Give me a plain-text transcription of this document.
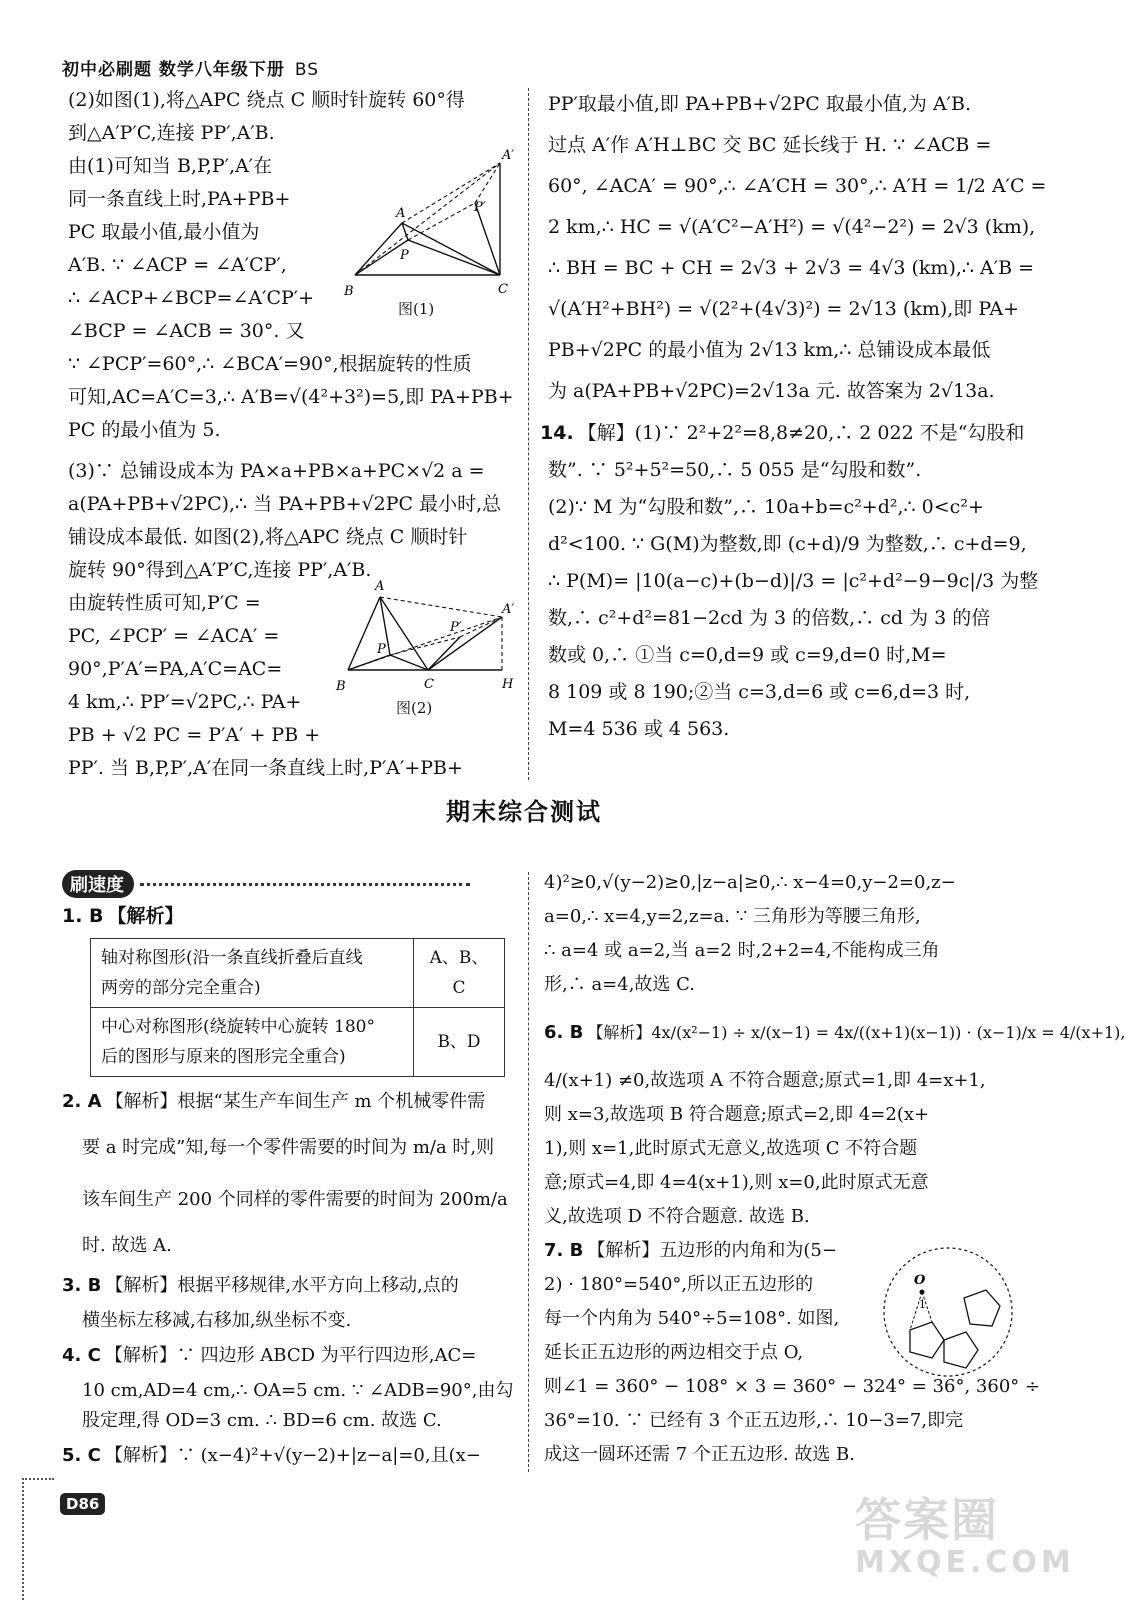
初中必刷题 数学八年级下册 BS

(2)如图(1),将△APC 绕点 C 顺时针旋转 60°得

到△A′P′C,连接 PP′,A′B.

由(1)可知当 B,P,P′,A′在

同一条直线上时,PA+PB+

PC 取最小值,最小值为

A′B. ∵ ∠ACP = ∠A′CP′,

∴ ∠ACP+∠BCP=∠A′CP′+

∠BCP = ∠ACB = 30°. 又

∵ ∠PCP′=60°,∴ ∠BCA′=90°,根据旋转的性质

可知,AC=A′C=3,∴ A′B=√(4²+3²)=5,即 PA+PB+

PC 的最小值为 5.

(3)∵ 总铺设成本为 PA×a+PB×a+PC×√2 a =

a(PA+PB+√2PC),∴ 当 PA+PB+√2PC 最小时,总

铺设成本最低. 如图(2),将△APC 绕点 C 顺时针

旋转 90°得到△A′P′C,连接 PP′,A′B.

由旋转性质可知,P′C =

PC, ∠PCP′ = ∠ACA′ =

90°,P′A′=PA,A′C=AC=

4 km,∴ PP′=√2PC,∴ PA+

PB + √2 PC = P′A′ + PB +

PP′. 当 B,P,P′,A′在同一条直线上时,P′A′+PB+

A′
P′
A
P
B	C
图(1)
A
A′
P′
P
B	C	H
图(2)

PP′取最小值,即 PA+PB+√2PC 取最小值,为 A′B.

过点 A′作 A′H⊥BC 交 BC 延长线于 H. ∵ ∠ACB =

60°, ∠ACA′ = 90°,∴ ∠A′CH = 30°,∴ A′H = 1/2 A′C =

2 km,∴ HC = √(A′C²−A′H²) = √(4²−2²) = 2√3 (km),

∴ BH = BC + CH = 2√3 + 2√3 = 4√3 (km),∴ A′B =

√(A′H²+BH²) = √(2²+(4√3)²) = 2√13 (km),即 PA+

PB+√2PC 的最小值为 2√13 km,∴ 总铺设成本最低

为 a(PA+PB+√2PC)=2√13a 元. 故答案为 2√13a.

14. 【解】(1)∵ 2²+2²=8,8≠20,∴ 2 022 不是“勾股和

数”. ∵ 5²+5²=50,∴ 5 055 是“勾股和数”.

(2)∵ M 为“勾股和数”,∴ 10a+b=c²+d²,∴ 0<c²+

d²<100. ∵ G(M)为整数,即 (c+d)/9 为整数,∴ c+d=9,

∴ P(M)= |10(a−c)+(b−d)|/3 = |c²+d²−9−9c|/3 为整

数,∴ c²+d²=81−2cd 为 3 的倍数,∴ cd 为 3 的倍

数或 0,∴ ①当 c=0,d=9 或 c=9,d=0 时,M=

8 109 或 8 190;②当 c=3,d=6 或 c=6,d=3 时,

M=4 536 或 4 563.

期末综合测试
刷速度

1. B 【解析】

轴对称图形(沿一条直线折叠后直线
两旁的部分完全重合)	A、B、C
中心对称图形(绕旋转中心旋转 180°
后的图形与原来的图形完全重合)	B、D

2. A 【解析】根据“某生产车间生产 m 个机械零件需

要 a 时完成”知,每一个零件需要的时间为 m/a 时,则

该车间生产 200 个同样的零件需要的时间为 200m/a

时. 故选 A.

3. B 【解析】根据平移规律,水平方向上移动,点的

横坐标左移减,右移加,纵坐标不变.

4. C 【解析】∵ 四边形 ABCD 为平行四边形,AC=

10 cm,AD=4 cm,∴ OA=5 cm. ∵ ∠ADB=90°,由勾

股定理,得 OD=3 cm. ∴ BD=6 cm. 故选 C.

5. C 【解析】∵ (x−4)²+√(y−2)+|z−a|=0,且(x−

4)²≥0,√(y−2)≥0,|z−a|≥0,∴ x−4=0,y−2=0,z−

a=0,∴ x=4,y=2,z=a. ∵ 三角形为等腰三角形,

∴ a=4 或 a=2,当 a=2 时,2+2=4,不能构成三角

形,∴ a=4,故选 C.

6. B 【解析】4x/(x²−1) ÷ x/(x−1) = 4x/((x+1)(x−1)) · (x−1)/x = 4/(x+1),

4/(x+1) ≠0,故选项 A 不符合题意;原式=1,即 4=x+1,

则 x=3,故选项 B 符合题意;原式=2,即 4=2(x+

1),则 x=1,此时原式无意义,故选项 C 不符合题

意;原式=4,即 4=4(x+1),则 x=0,此时原式无意

义,故选项 D 不符合题意. 故选 B.

7. B 【解析】五边形的内角和为(5−

2) · 180°=540°,所以正五边形的

每一个内角为 540°÷5=108°. 如图,

延长正五边形的两边相交于点 O,

则∠1 = 360° − 108° × 3 = 360° − 324° = 36°, 360° ÷

36°=10. ∵ 已经有 3 个正五边形,∴ 10−3=7,即完

成这一圆环还需 7 个正五边形. 故选 B.

O
1
D86	答案圈
MXQE.COM
